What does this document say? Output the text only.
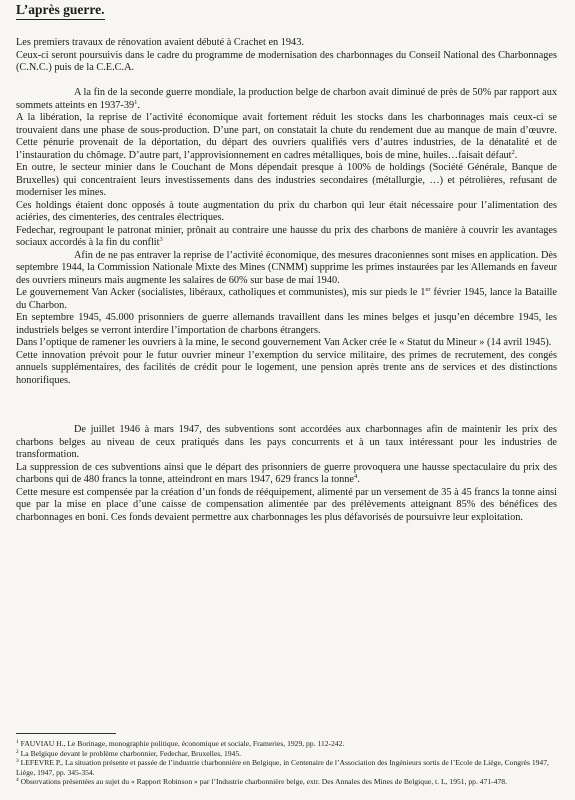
L’après guerre.

Les premiers travaux de rénovation avaient débuté à Crachet en 1943.

Ceux-ci seront poursuivis dans le cadre du programme de modernisation des charbonnages du Conseil National des Charbonnages (C.N.C.) puis de la C.E.C.A.

A la fin de la seconde guerre mondiale, la production belge de charbon avait diminué de près de 50% par rapport aux sommets atteints en $1937-39^1$.

A la libération, la reprise de l’activité économique avait fortement réduit les stocks dans les charbonnages mais ceux-ci se trouvaient dans une phase de sous-production. D’une part, on constatait la chute du rendement due au manque de main d’œuvre. Cette pénurie provenait de la déportation, du départ des ouvriers qualifiés vers d’autres industries, de la dénatalité et de l’instauration du chômage. D’autre part, l’approvisionnement en cadres métalliques, bois de mine, huiles…faisait défaut$^2$.

En outre, le secteur minier dans le Couchant de Mons dépendait presque à 100% de holdings (Société Générale, Banque de Bruxelles) qui concentraient leurs investissements dans des industries secondaires (métallurgie, …) et pétrolières, refusant de moderniser les mines.

Ces holdings étaient donc opposés à toute augmentation du prix du charbon qui leur était nécessaire pour l’alimentation des aciéries, des cimenteries, des centrales électriques.

Fedechar, regroupant le patronat minier, prônait au contraire une hausse du prix des charbons de manière à couvrir les avantages sociaux accordés à la fin du conflit$^3$

Afin de ne pas entraver la reprise de l’activité économique, des mesures draconiennes sont mises en application. Dès septembre 1944, la Commission Nationale Mixte des Mines (CNMM) supprime les primes instaurées par les Allemands en faveur des ouvriers mineurs mais augmente les salaires de 60% sur base de mai 1940.

Le gouvernement Van Acker (socialistes, libéraux, catholiques et communistes), mis sur pieds le 1er février 1945, lance la Bataille du Charbon.

En septembre 1945, 45.000 prisonniers de guerre allemands travaillent dans les mines belges et jusqu’en décembre 1945, les industriels belges se verront interdire l’importation de charbons étrangers.

Dans l’optique de ramener les ouvriers à la mine, le second gouvernement Van Acker crée le « Statut du Mineur » (14 avril 1945).

Cette innovation prévoit pour le futur ouvrier mineur l’exemption du service militaire, des primes de recrutement, des congés annuels supplémentaires, des facilités de crédit pour le logement, une pension après trente ans de services et des distinctions honorifiques.

De juillet 1946 à mars 1947, des subventions sont accordées aux charbonnages afin de maintenir les prix des charbons belges au niveau de ceux pratiqués dans les pays concurrents et à un taux intéressant pour les industries de transformation.

La suppression de ces subventions ainsi que le départ des prisonniers de guerre provoquera une hausse spectaculaire du prix des charbons qui de 480 francs la tonne, atteindront en mars 1947, 629 francs la tonne$^4$.

Cette mesure est compensée par la création d’un fonds de rééquipement, alimenté par un versement de 35 à 45 francs la tonne ainsi que par la mise en place d’une caisse de compensation alimentée par des prélèvements atteignant 85% des bénéfices des charbonnages en boni. Ces fonds devaient permettre aux charbonnages les plus défavorisés de poursuivre leur exploitation.

$^1$ FAUVIAU H., Le Borinage, monographie politique, économique et sociale, Frameries, 1929, pp. 112-242.

$^2$ La Belgique devant le problème charbonnier, Fedechar, Bruxelles, 1945.

$^3$ LEFEVRE P., La situation présente et passée de l’industrie charbonnière en Belgique, in Centenaire de l’Association des Ingénieurs sortis de l’Ecole de Liège, Congrès 1947, Liège, 1947, pp. 345-354.

$^4$ Observations présentées au sujet du « Rapport Robinson » par l’Industrie charbonnière belge, extr. Des Annales des Mines de Belgique, t. L, 1951, pp. 471-478.
